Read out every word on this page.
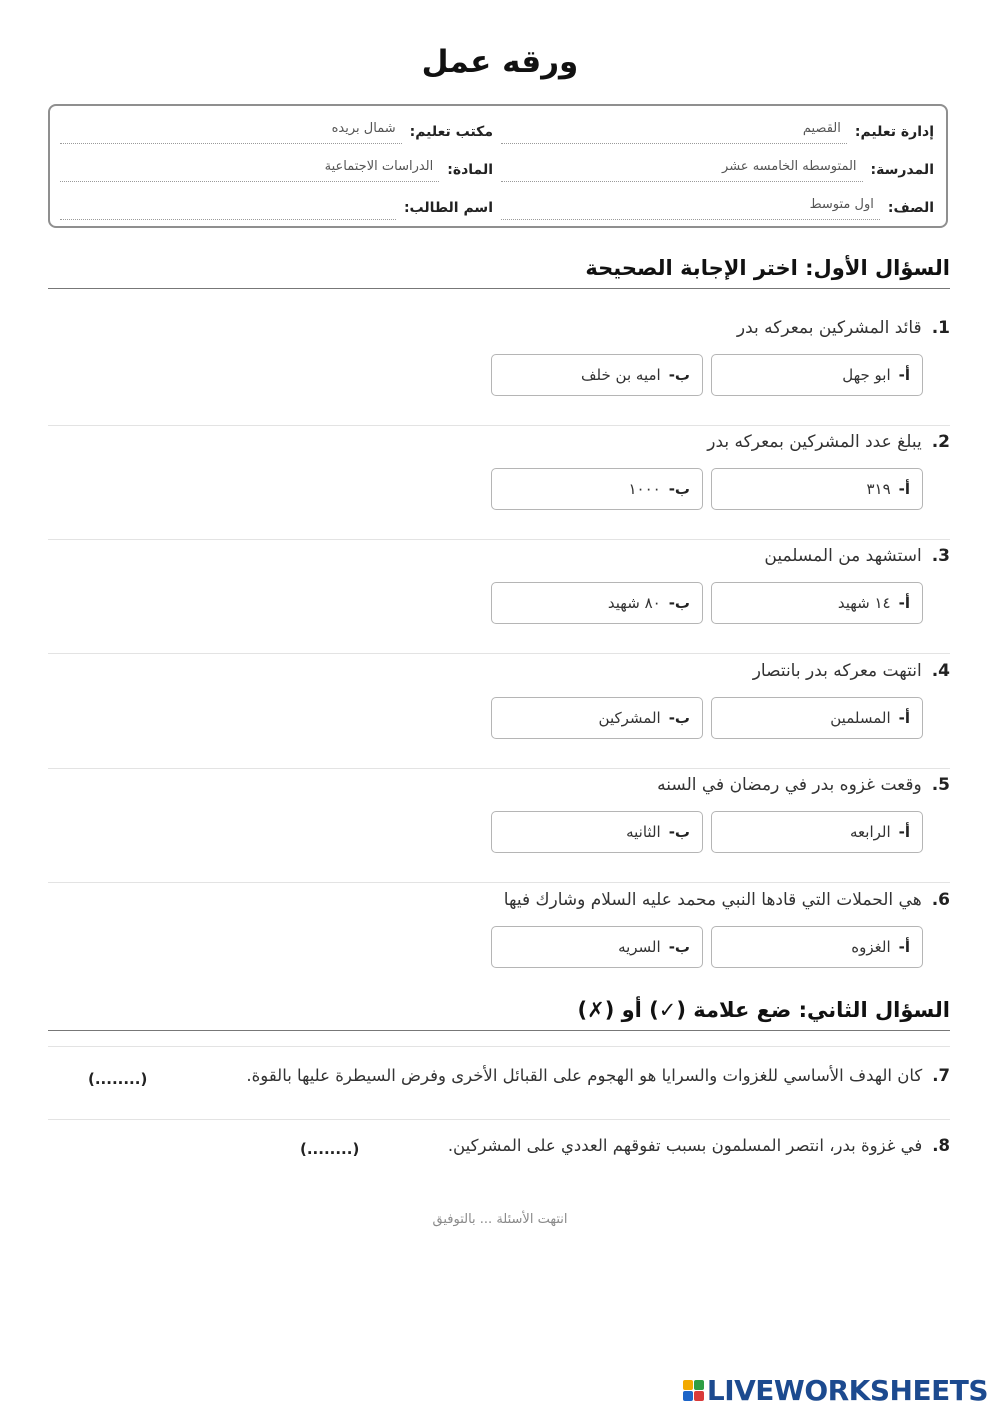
ورقه عمل
إدارة تعليم:
القصيم
مكتب تعليم:
شمال بريده
المدرسة:
المتوسطه الخامسه عشر
المادة:
الدراسات الاجتماعية
الصف:
اول متوسط
اسم الطالب:
السؤال الأول: اختر الإجابة الصحيحة
1.قائد المشركين بمعركه بدر
أ-
ابو جهل
ب-
اميه بن خلف
2.يبلغ عدد المشركين بمعركه بدر
أ-
٣١٩
ب-
١٠٠٠
3.استشهد من المسلمين
أ-
١٤ شهيد
ب-
٨٠ شهيد
4.انتهت معركه بدر بانتصار
أ-
المسلمين
ب-
المشركين
5.وقعت غزوه بدر في رمضان في السنه
أ-
الرابعه
ب-
الثانيه
6.هي الحملات التي قادها النبي محمد عليه السلام وشارك فيها
أ-
الغزوه
ب-
السريه
السؤال الثاني: ضع علامة (✓) أو (✗)
7.كان الهدف الأساسي للغزوات والسرايا هو الهجوم على القبائل الأخرى وفرض السيطرة عليها بالقوة.
(........)
8.في غزوة بدر، انتصر المسلمون بسبب تفوقهم العددي على المشركين.
(........)
انتهت الأسئلة ... بالتوفيق
LIVEWORKSHEETS
